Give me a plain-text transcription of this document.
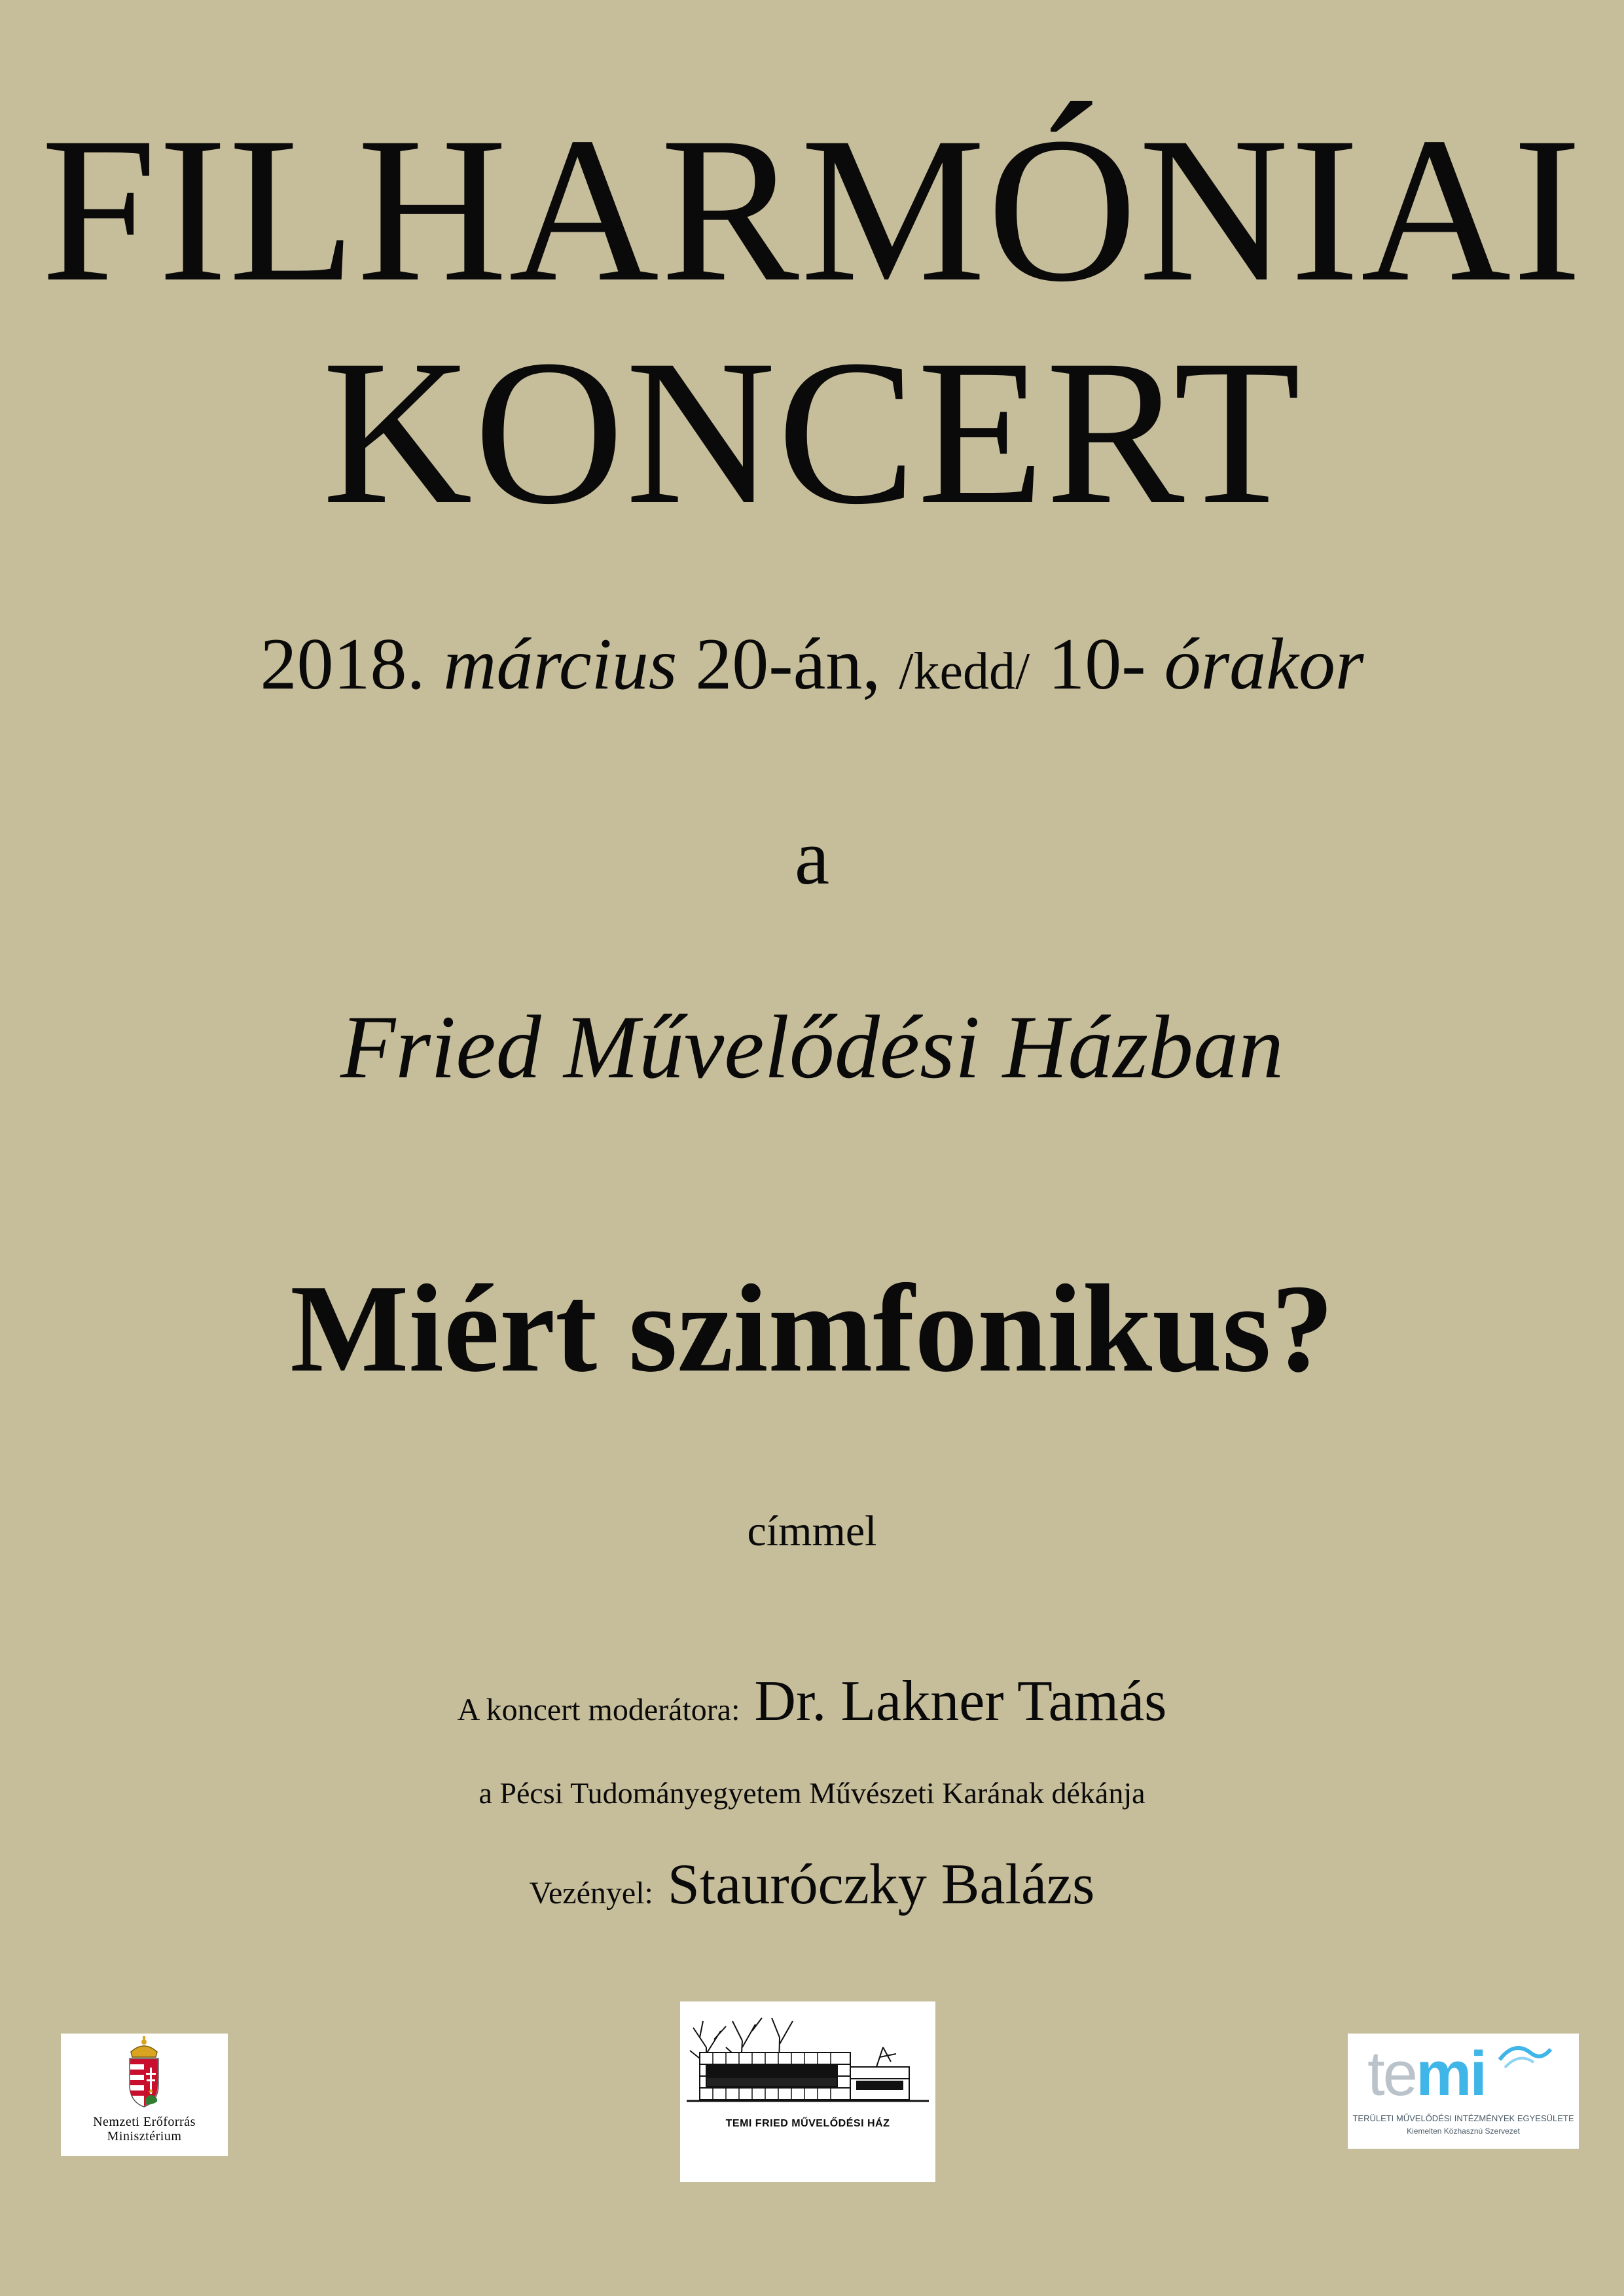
FILHARMÓNIAI
KONCERT
2018. március 20-án, /kedd/ 10- órakor
a
Fried Művelődési Házban
Miért szimfonikus?
címmel
A koncert moderátora: Dr. Lakner Tamás
a Pécsi Tudományegyetem Művészeti Karának dékánja
Vezényel: Stauróczky Balázs
Nemzeti Erőforrás
Minisztérium
TEMI FRIED MŰVELŐDÉSI HÁZ
temi
TERÜLETI MŰVELŐDÉSI INTÉZMÉNYEK EGYESÜLETE
Kiemelten Közhasznú Szervezet
